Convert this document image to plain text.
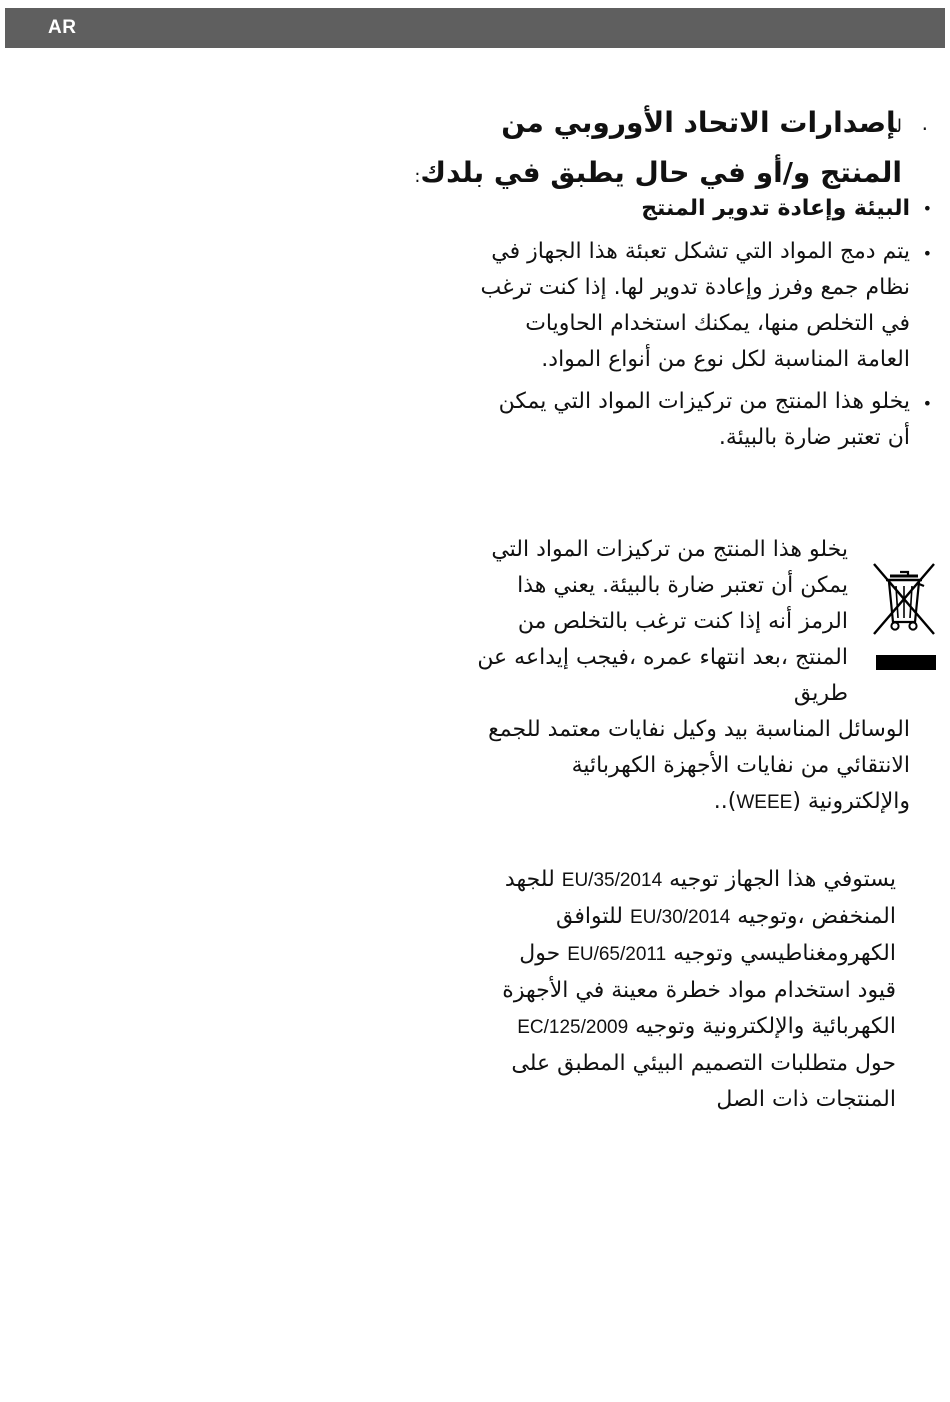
AR
.
لإصدارات الاتحاد الأوروبي من
المنتج و/أو في حال يطبق في بلدك:
•
البيئة وإعادة تدوير المنتج
•
يتم دمج المواد التي تشكل تعبئة هذا الجهاز في نظام جمع وفرز وإعادة تدوير لها. إذا كنت ترغب في التخلص منها، يمكنك استخدام الحاويات العامة المناسبة لكل نوع من أنواع المواد.
•
يخلو هذا المنتج من تركيزات المواد التي يمكن أن تعتبر ضارة بالبيئة.
يخلو هذا المنتج من تركيزات المواد التي يمكن أن تعتبر ضارة بالبيئة. يعني هذا الرمز أنه إذا كنت ترغب بالتخلص من المنتج ،بعد انتهاء عمره ،فيجب إيداعه عن طريق
الوسائل المناسبة بيد وكيل نفايات معتمد للجمع الانتقائي من نفايات الأجهزة الكهربائية والإلكترونية (WEEE)..
يستوفي هذا الجهاز توجيه EU/35/2014 للجهد المنخفض ،وتوجيه EU/30/2014 للتوافق الكهرومغناطيسي وتوجيه EU/65/2011 حول قيود استخدام مواد خطرة معينة في الأجهزة الكهربائية والإلكترونية وتوجيه EC/125/2009 حول متطلبات التصميم البيئي المطبق على المنتجات ذات الصل
